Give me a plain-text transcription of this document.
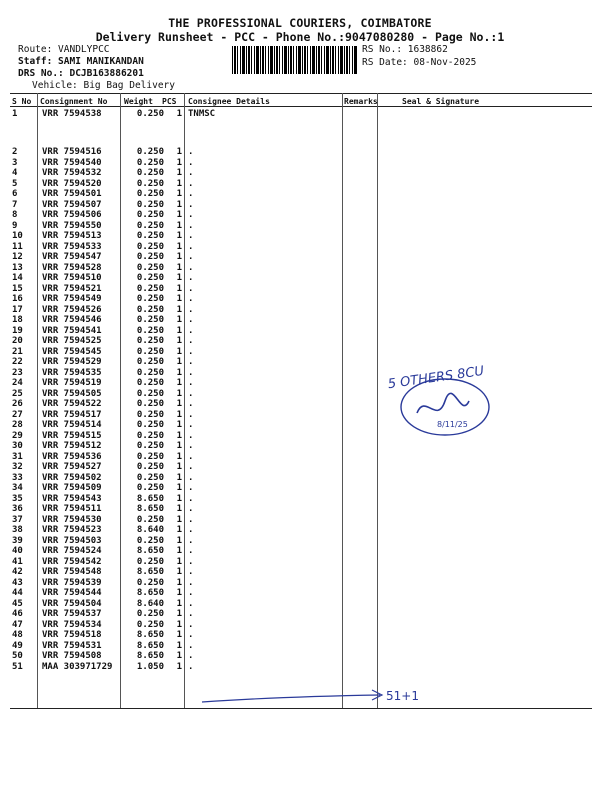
THE PROFESSIONAL COURIERS, COIMBATORE
Delivery Runsheet - PCC - Phone No.:9047080280 - Page No.:1
Route: VANDLYPCC
Staff: SAMI MANIKANDAN
DRS No.: DCJB163886201
Vehicle: Big Bag Delivery
RS No.: 1638862
RS Date: 08-Nov-2025
S No Consignment No Weight PCS Consignee Details	Remarks	Seal & Signature
1	VRR 7594538	0.250	1 TNMSC
2	VRR 7594516	0.250	1 .
3	VRR 7594540	0.250	1 .
4	VRR 7594532	0.250	1 .
5	VRR 7594520	0.250	1 .
6	VRR 7594501	0.250	1 .
7	VRR 7594507	0.250	1 .
8	VRR 7594506	0.250	1 .
9	VRR 7594550	0.250	1 .
10 VRR 7594513	0.250	1 .
11 VRR 7594533	0.250	1 .
12 VRR 7594547	0.250	1 .
13 VRR 7594528	0.250	1 .
14 VRR 7594510	0.250	1 .
15 VRR 7594521	0.250	1 .
16 VRR 7594549	0.250	1 .
17 VRR 7594526	0.250	1 .
18 VRR 7594546	0.250	1 .
19 VRR 7594541	0.250	1 .
20 VRR 7594525	0.250	1 .
21 VRR 7594545	0.250	1 .
22 VRR 7594529	0.250	1 .
23 VRR 7594535	0.250	1 .
24 VRR 7594519	0.250	1 .
25 VRR 7594505	0.250	1 .
26 VRR 7594522	0.250	1 .
27 VRR 7594517	0.250	1 .
28 VRR 7594514	0.250	1 .
29 VRR 7594515	0.250	1 .
30 VRR 7594512	0.250	1 .
31 VRR 7594536	0.250	1 .
32 VRR 7594527	0.250	1 .
33 VRR 7594502	0.250	1 .
34 VRR 7594509	0.250	1 .
35 VRR 7594543	8.650	1 .
36 VRR 7594511	8.650	1 .
37 VRR 7594530	0.250	1 .
38 VRR 7594523	8.640	1 .
39 VRR 7594503	0.250	1 .
40 VRR 7594524	8.650	1 .
41 VRR 7594542	0.250	1 .
42 VRR 7594548	8.650	1 .
43 VRR 7594539	0.250	1 .
44 VRR 7594544	8.650	1 .
45 VRR 7594504	8.640	1 .
46 VRR 7594537	0.250	1 .
47 VRR 7594534	0.250	1 .
48 VRR 7594518	8.650	1 .
49 VRR 7594531	8.650	1 .
50 VRR 7594508	8.650	1 .
51 MAA 303971729	1.050	1 .
5 OTHERS 8CU
8/11/25
51+1
